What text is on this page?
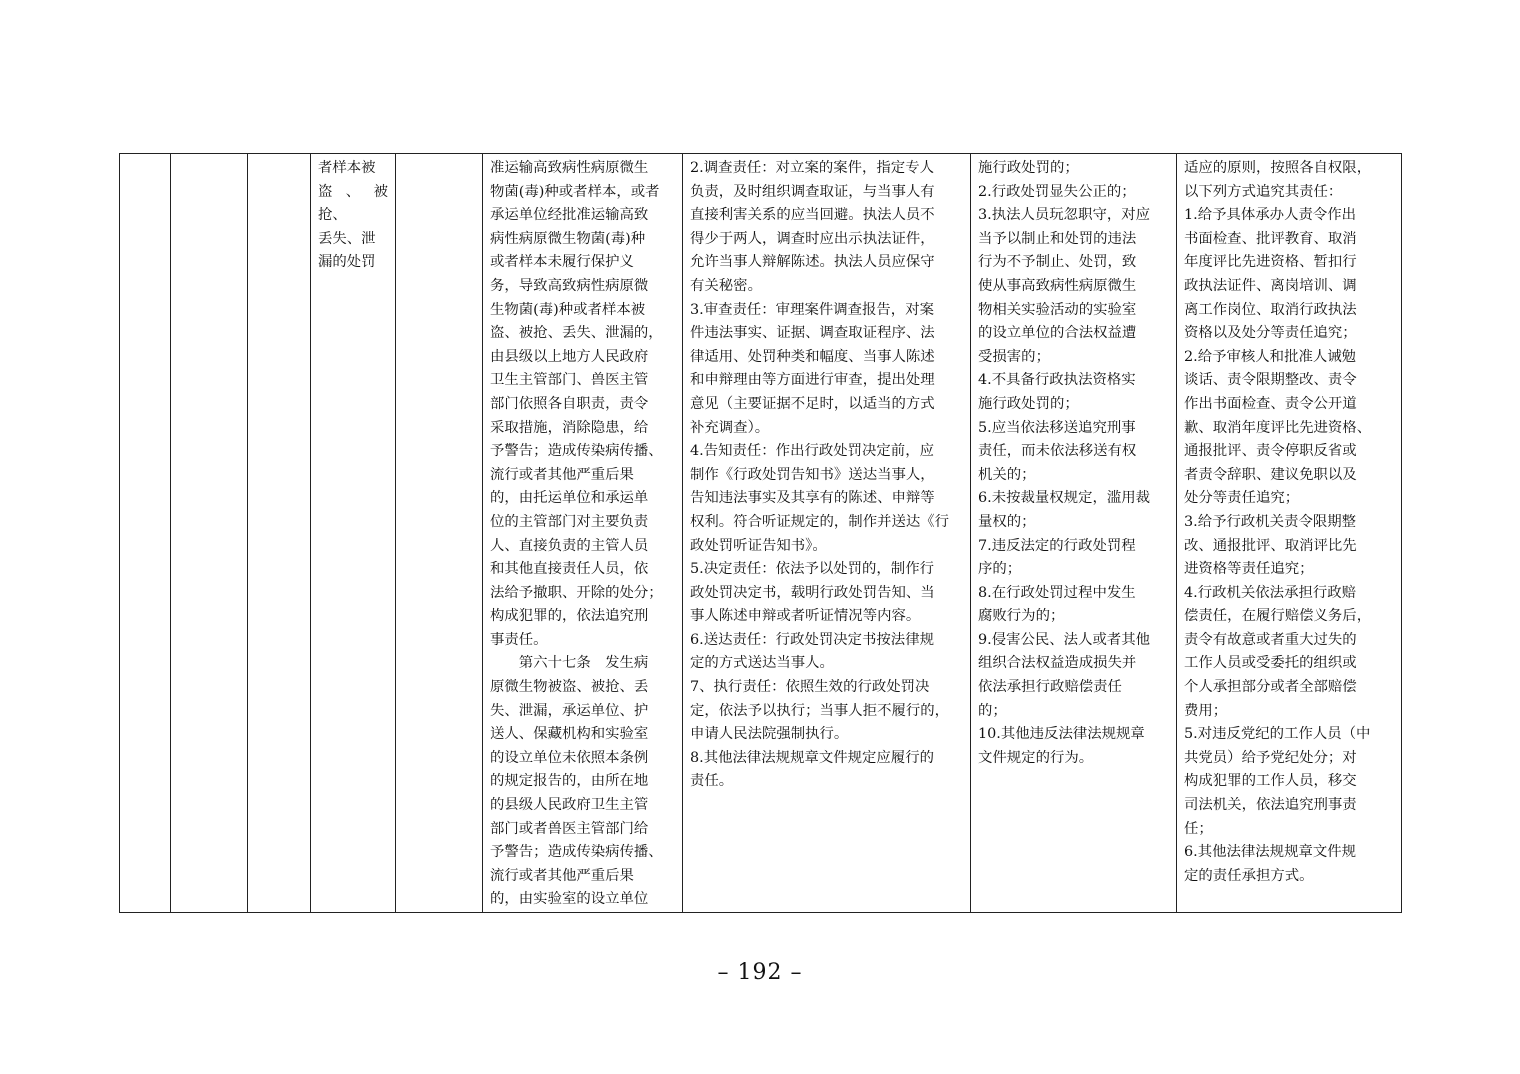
者样本被
盗、被抢、
丢失、泄
漏的处罚

准运输高致病性病原微生
物菌(毒)种或者样本，或者
承运单位经批准运输高致
病性病原微生物菌(毒)种
或者样本未履行保护义
务，导致高致病性病原微
生物菌(毒)种或者样本被
盗、被抢、丢失、泄漏的，
由县级以上地方人民政府
卫生主管部门、兽医主管
部门依照各自职责，责令
采取措施，消除隐患，给
予警告；造成传染病传播、
流行或者其他严重后果
的，由托运单位和承运单
位的主管部门对主要负责
人、直接负责的主管人员
和其他直接责任人员，依
法给予撤职、开除的处分；
构成犯罪的，依法追究刑
事责任。
第六十七条　发生病
原微生物被盗、被抢、丢
失、泄漏，承运单位、护
送人、保藏机构和实验室
的设立单位未依照本条例
的规定报告的，由所在地
的县级人民政府卫生主管
部门或者兽医主管部门给
予警告；造成传染病传播、
流行或者其他严重后果
的，由实验室的设立单位

2.调查责任：对立案的案件，指定专人
负责，及时组织调查取证，与当事人有
直接利害关系的应当回避。执法人员不
得少于两人，调查时应出示执法证件，
允许当事人辩解陈述。执法人员应保守
有关秘密。
3.审查责任：审理案件调查报告，对案
件违法事实、证据、调查取证程序、法
律适用、处罚种类和幅度、当事人陈述
和申辩理由等方面进行审查，提出处理
意见（主要证据不足时，以适当的方式
补充调查）。
4.告知责任：作出行政处罚决定前，应
制作《行政处罚告知书》送达当事人，
告知违法事实及其享有的陈述、申辩等
权利。符合听证规定的，制作并送达《行
政处罚听证告知书》。
5.决定责任：依法予以处罚的，制作行
政处罚决定书，载明行政处罚告知、当
事人陈述申辩或者听证情况等内容。
6.送达责任：行政处罚决定书按法律规
定的方式送达当事人。
7、执行责任：依照生效的行政处罚决
定，依法予以执行；当事人拒不履行的，
申请人民法院强制执行。
8.其他法律法规规章文件规定应履行的
责任。

施行政处罚的；
2.行政处罚显失公正的；
3.执法人员玩忽职守，对应
当予以制止和处罚的违法
行为不予制止、处罚，致
使从事高致病性病原微生
物相关实验活动的实验室
的设立单位的合法权益遭
受损害的；
4.不具备行政执法资格实
施行政处罚的；
5.应当依法移送追究刑事
责任，而未依法移送有权
机关的；
6.未按裁量权规定，滥用裁
量权的；
7.违反法定的行政处罚程
序的；
8.在行政处罚过程中发生
腐败行为的；
9.侵害公民、法人或者其他
组织合法权益造成损失并
依法承担行政赔偿责任
的；
10.其他违反法律法规规章
文件规定的行为。

适应的原则，按照各自权限，
以下列方式追究其责任：
1.给予具体承办人责令作出
书面检查、批评教育、取消
年度评比先进资格、暂扣行
政执法证件、离岗培训、调
离工作岗位、取消行政执法
资格以及处分等责任追究；
2.给予审核人和批准人诫勉
谈话、责令限期整改、责令
作出书面检查、责令公开道
歉、取消年度评比先进资格、
通报批评、责令停职反省或
者责令辞职、建议免职以及
处分等责任追究；
3.给予行政机关责令限期整
改、通报批评、取消评比先
进资格等责任追究；
4.行政机关依法承担行政赔
偿责任，在履行赔偿义务后，
责令有故意或者重大过失的
工作人员或受委托的组织或
个人承担部分或者全部赔偿
费用；
5.对违反党纪的工作人员（中
共党员）给予党纪处分；对
构成犯罪的工作人员，移交
司法机关，依法追究刑事责
任；
6.其他法律法规规章文件规
定的责任承担方式。
– 192 –
